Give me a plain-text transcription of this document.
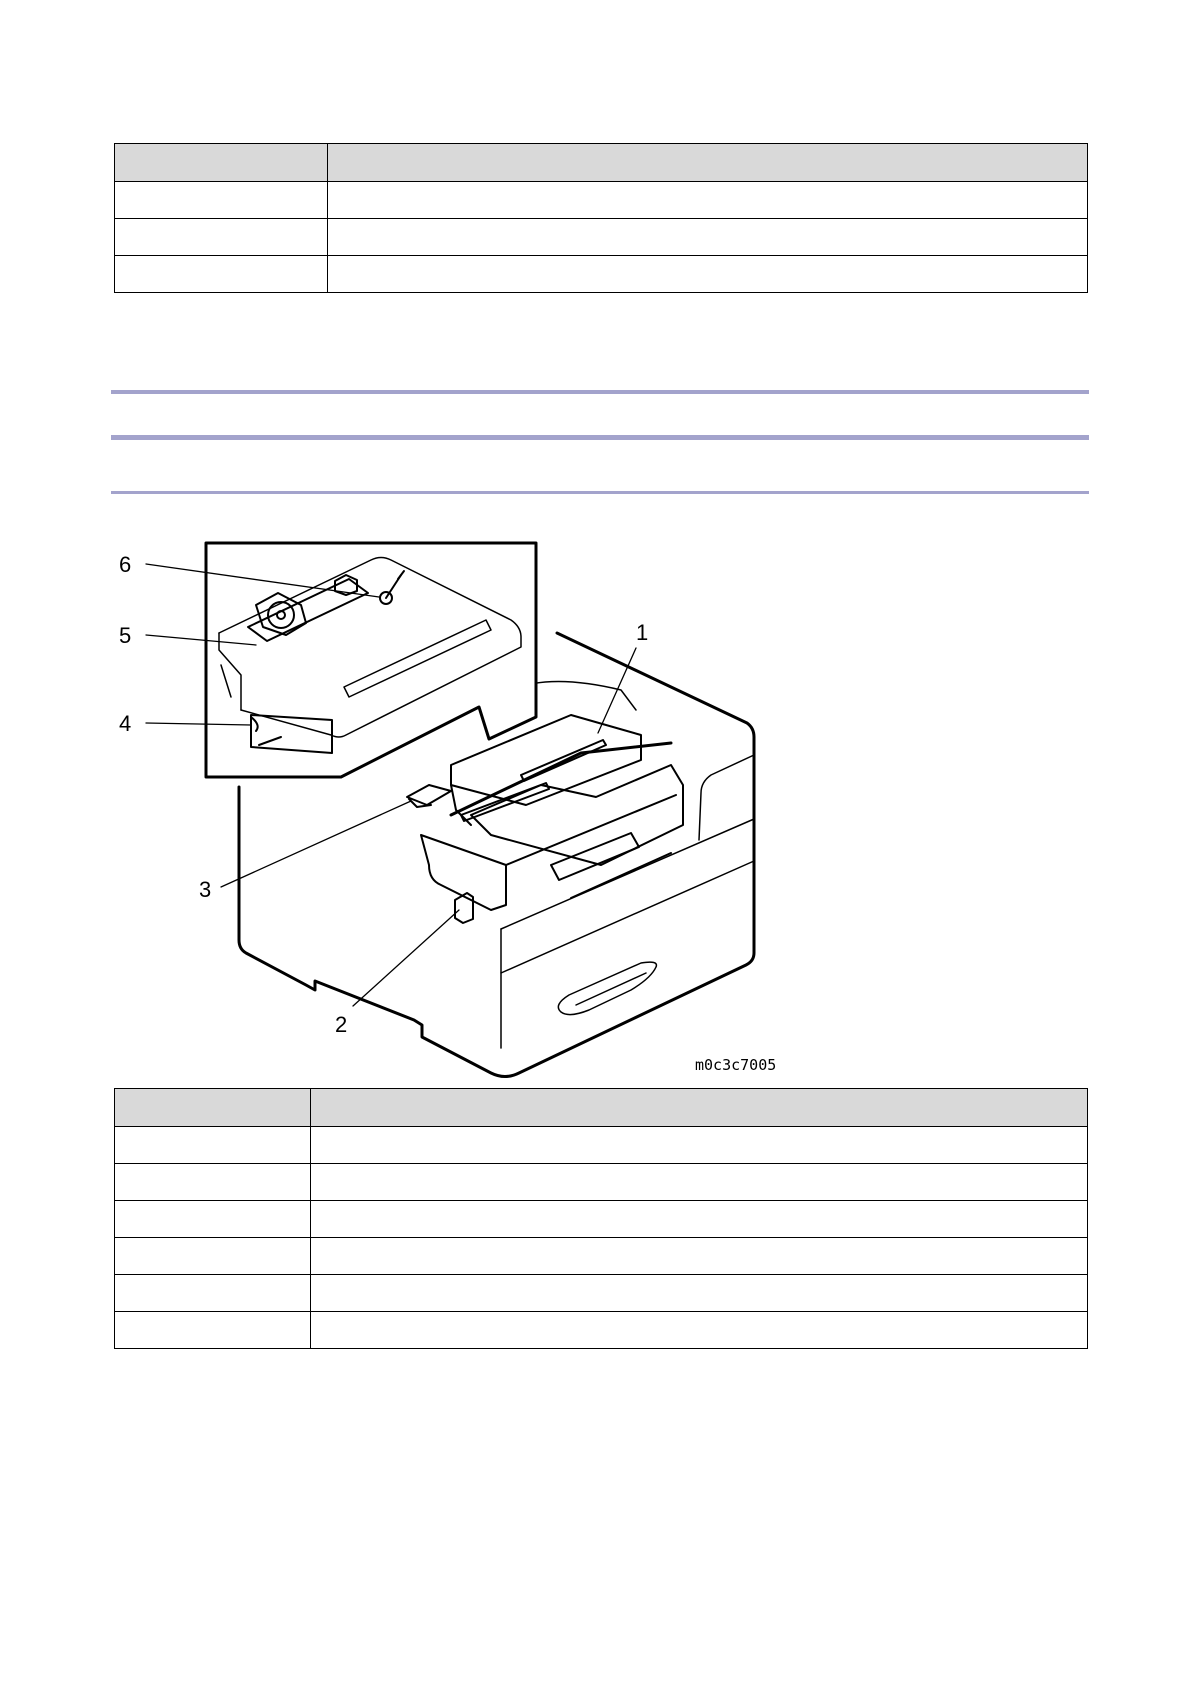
6
5
4
1
3
2
m0c3c7005
